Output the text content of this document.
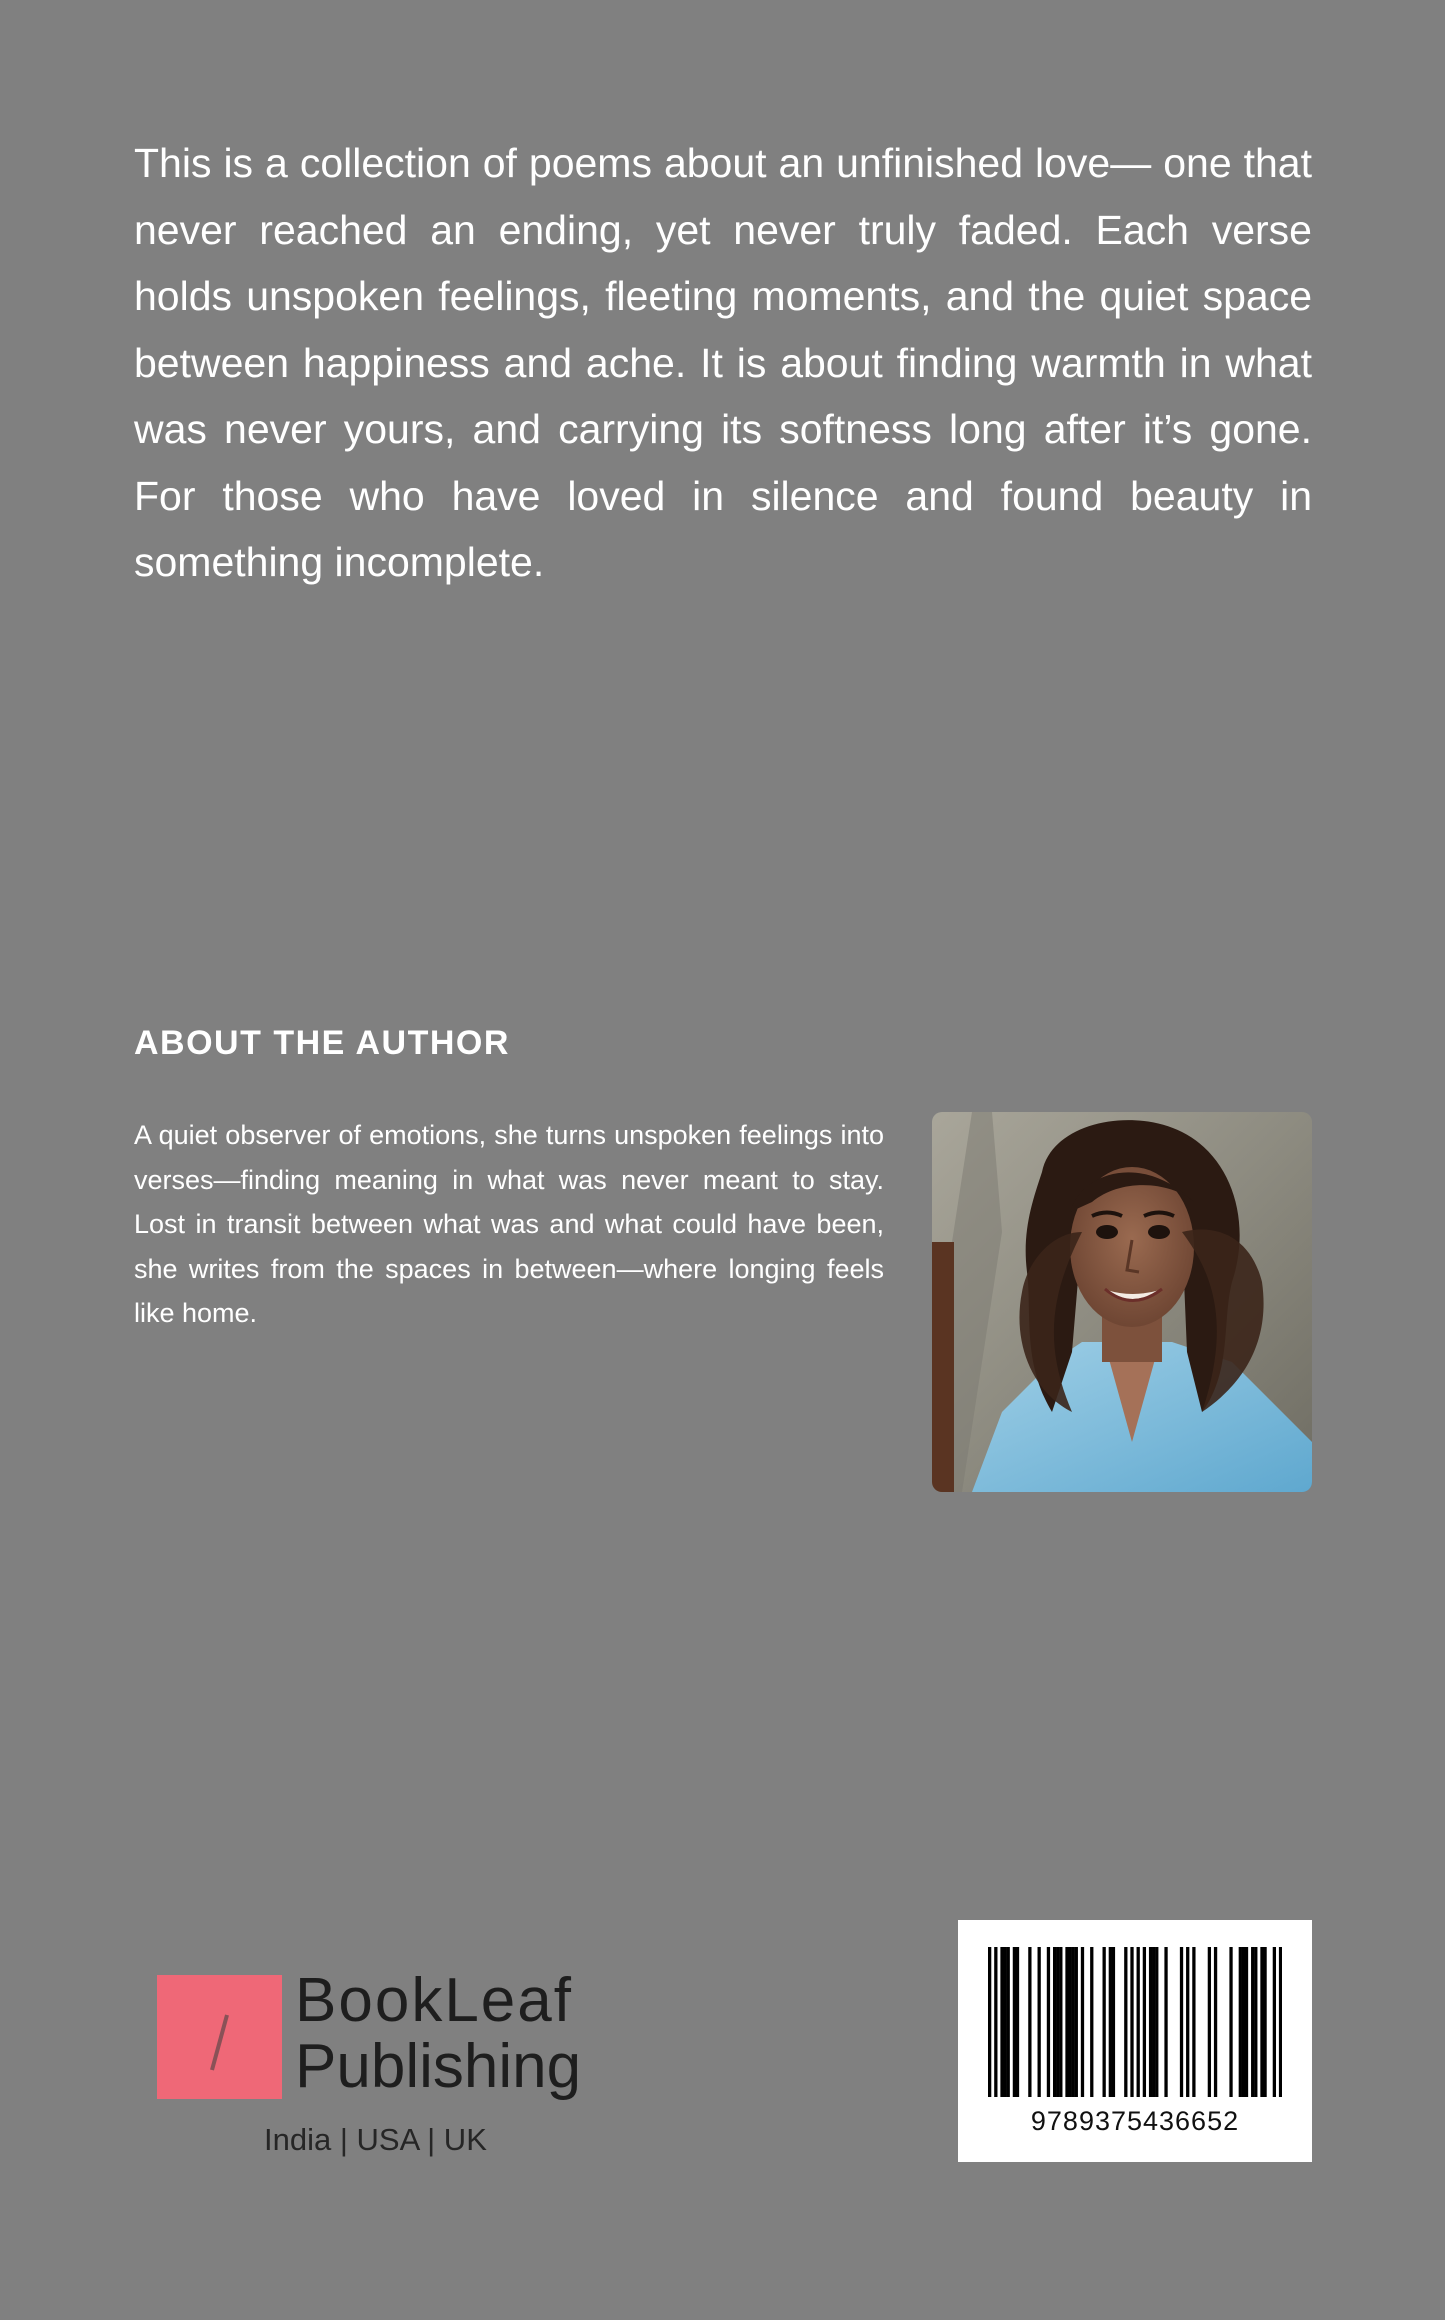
This is a collection of poems about an unfinished love— one that never reached an ending, yet never truly faded. Each verse holds unspoken feelings, fleeting moments, and the quiet space between happiness and ache. It is about finding warmth in what was never yours, and carrying its softness long after it’s gone. For those who have loved in silence and found beauty in something incomplete.

ABOUT THE AUTHOR

A quiet observer of emotions, she turns unspoken feelings into verses—finding meaning in what was never meant to stay. Lost in transit between what was and what could have been, she writes from the spaces in between—where longing feels like home.

BookLeaf
Publishing
India | USA | UK
9789375436652
